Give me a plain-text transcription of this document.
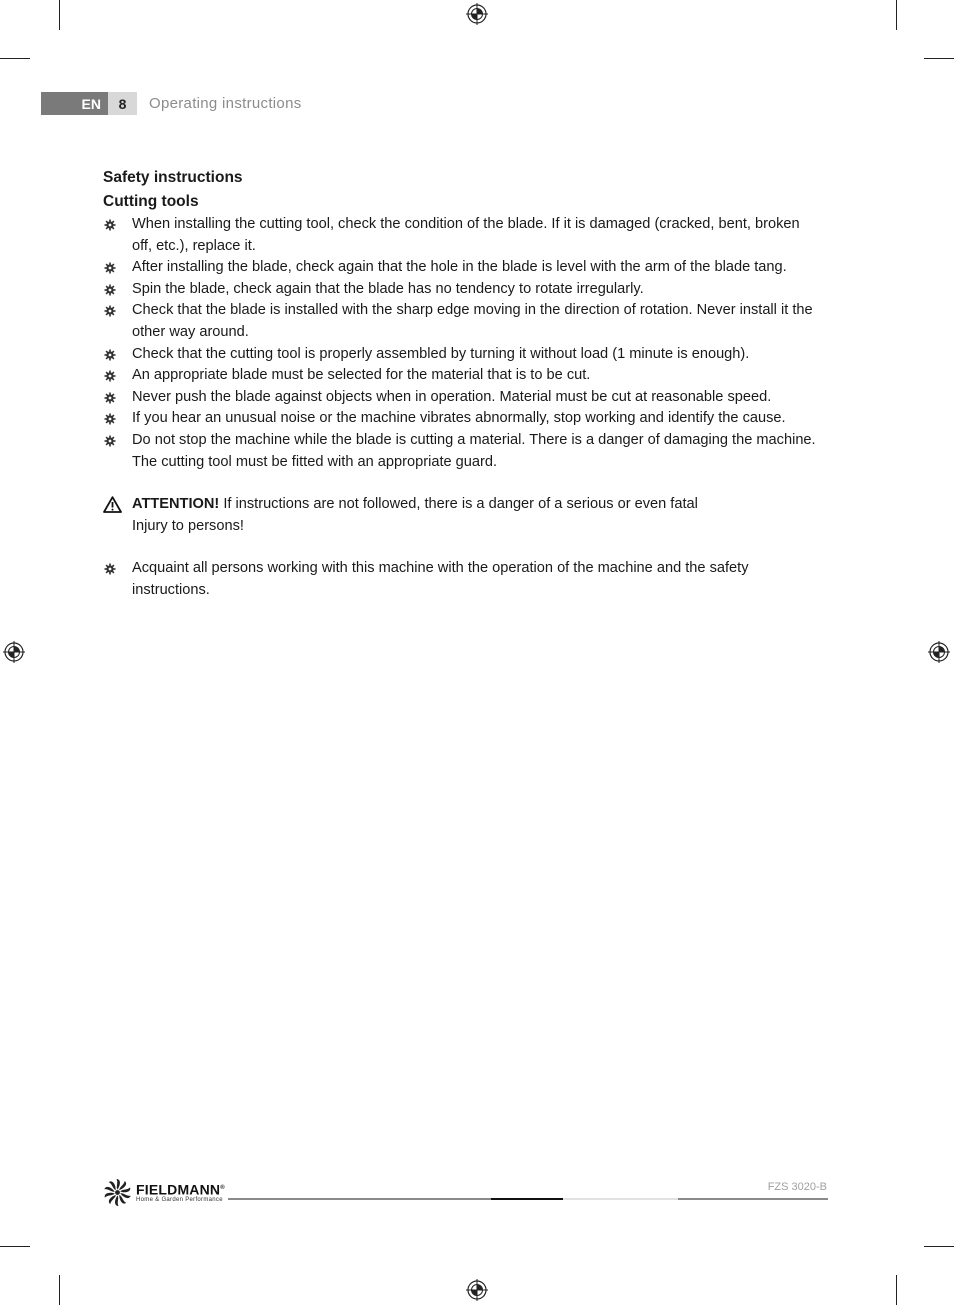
EN	8	Operating instructions

Safety instructions

Cutting tools

When installing the cutting tool, check the condition of the blade. If it is damaged (cracked, bent, broken off, etc.), replace it.
After installing the blade, check again that the hole in the blade is level with the arm of the blade tang.
Spin the blade, check again that the blade has no tendency to rotate irregularly.
Check that the blade is installed with the sharp edge moving in the direction of rotation. Never install it the other way around.
Check that the cutting tool is properly assembled by turning it without load (1 minute is enough).
An appropriate blade must be selected for the material that is to be cut.
Never push the blade against objects when in operation. Material must be cut at reasonable speed.
If you hear an unusual noise or the machine vibrates abnormally, stop working and identify the cause.
Do not stop the machine while the blade is cutting a material. There is a danger of damaging the machine. The cutting tool must be fitted with an appropriate guard.
ATTENTION! If instructions are not followed, there is a danger of a serious or even fatal
Injury to persons!
Acquaint all persons working with this machine with the operation of the machine and the safety instructions.
FIELDMANN®
Home & Garden Performance
FZS 3020-B
